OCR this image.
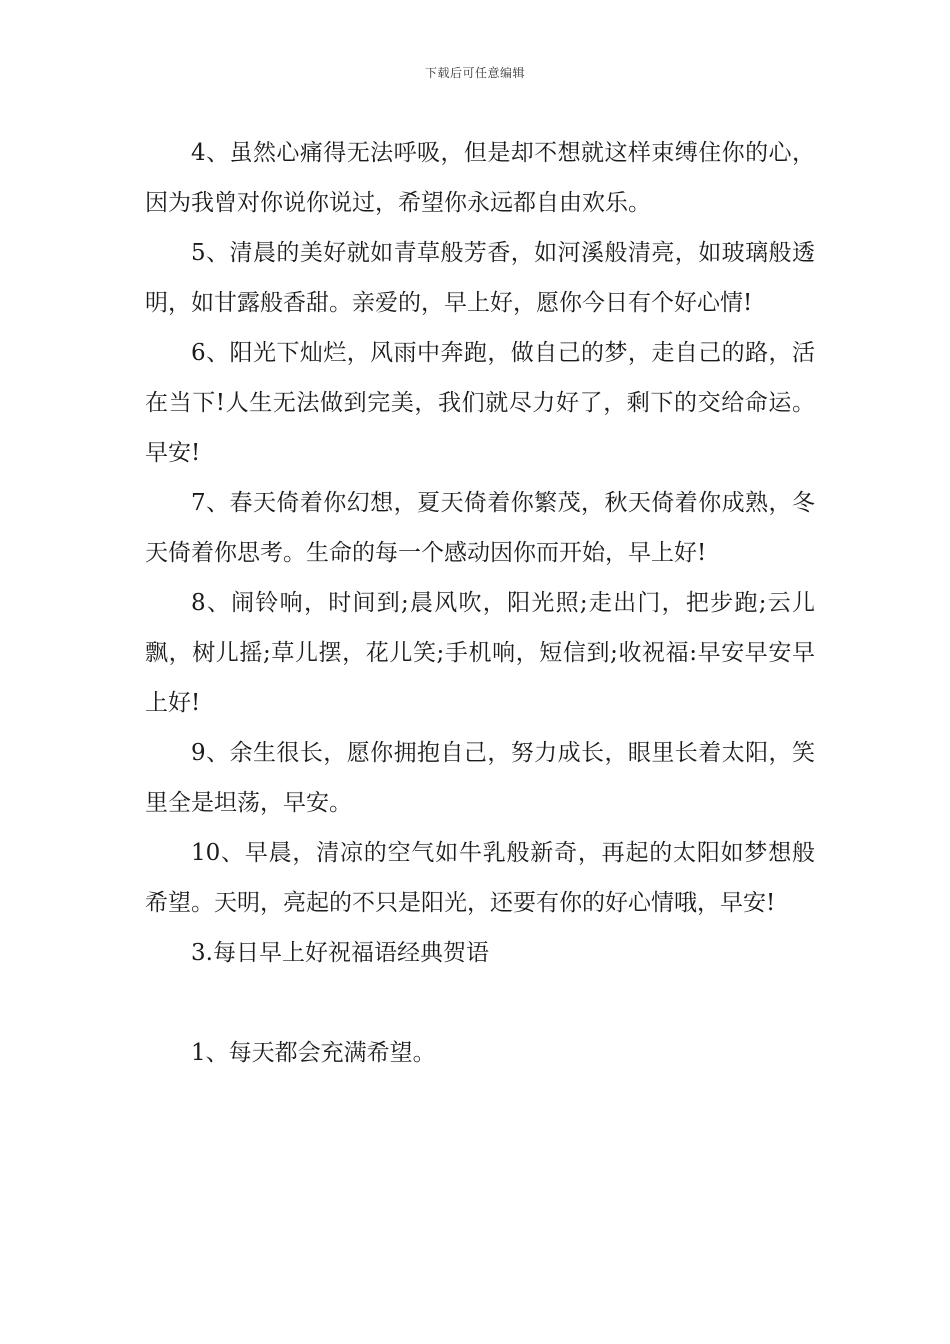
下载后可任意编辑

4、虽然心痛得无法呼吸，但是却不想就这样束缚住你的心，因为我曾对你说你说过，希望你永远都自由欢乐。

5、清晨的美好就如青草般芳香，如河溪般清亮，如玻璃般透明，如甘露般香甜。亲爱的，早上好，愿你今日有个好心情!

6、阳光下灿烂，风雨中奔跑，做自己的梦，走自己的路，活在当下!人生无法做到完美，我们就尽力好了，剩下的交给命运。早安!

7、春天倚着你幻想，夏天倚着你繁茂，秋天倚着你成熟，冬天倚着你思考。生命的每一个感动因你而开始，早上好!

8、闹铃响，时间到;晨风吹，阳光照;走出门，把步跑;云儿飘，树儿摇;草儿摆，花儿笑;手机响，短信到;收祝福:早安早安早上好!

9、余生很长，愿你拥抱自己，努力成长，眼里长着太阳，笑里全是坦荡，早安。

10、早晨，清凉的空气如牛乳般新奇，再起的太阳如梦想般希望。天明，亮起的不只是阳光，还要有你的好心情哦，早安!

3.每日早上好祝福语经典贺语

1、每天都会充满希望。
